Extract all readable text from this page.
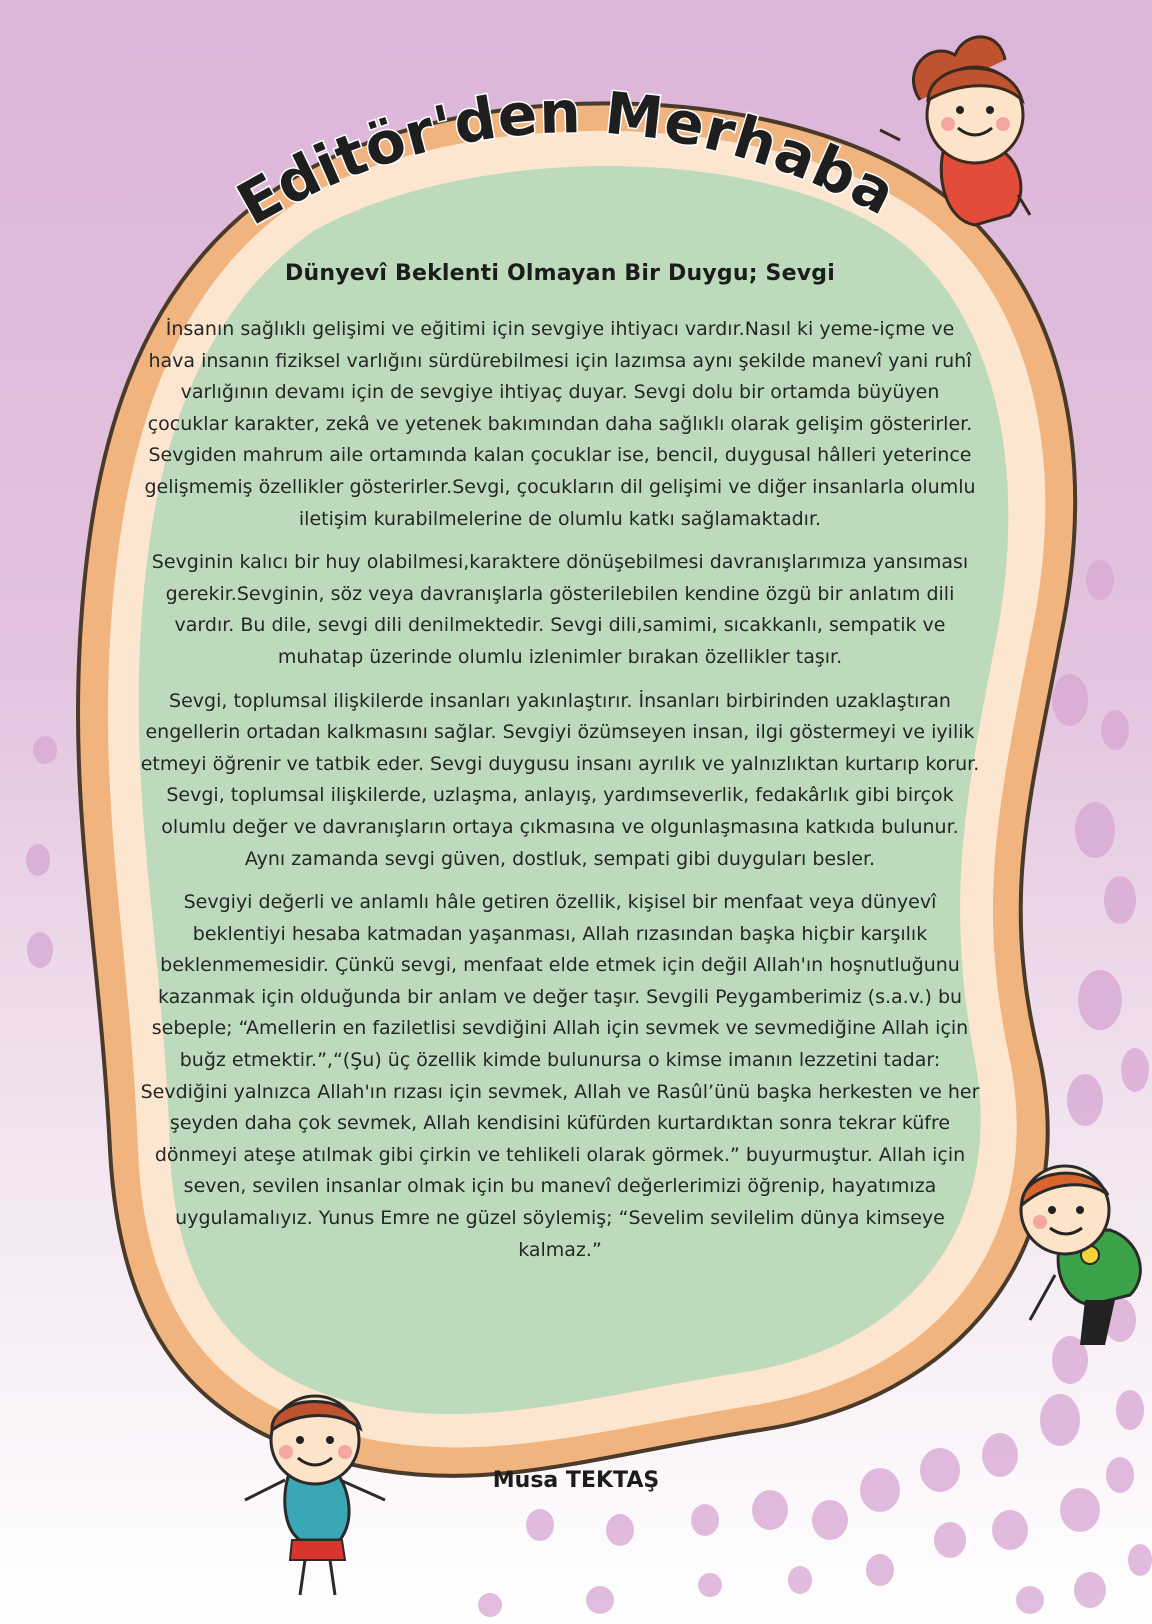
Editör'den Merhaba
Dünyevî Beklenti Olmayan Bir Duygu; Sevgi

İnsanın sağlıklı gelişimi ve eğitimi için sevgiye ihtiyacı vardır.Nasıl ki yeme-içme ve hava insanın fiziksel varlığını sürdürebilmesi için lazımsa aynı şekilde manevî yani ruhî varlığının devamı için de sevgiye ihtiyaç duyar. Sevgi dolu bir ortamda büyüyen çocuklar karakter, zekâ ve yetenek bakımından daha sağlıklı olarak gelişim gösterirler. Sevgiden mahrum aile ortamında kalan çocuklar ise, bencil, duygusal hâlleri yeterince gelişmemiş özellikler gösterirler.Sevgi, çocukların dil gelişimi ve diğer insanlarla olumlu iletişim kurabilmelerine de olumlu katkı sağlamaktadır.

Sevginin kalıcı bir huy olabilmesi,karaktere dönüşebilmesi davranışlarımıza yansıması gerekir.Sevginin, söz veya davranışlarla gösterilebilen kendine özgü bir anlatım dili vardır. Bu dile, sevgi dili denilmektedir. Sevgi dili,samimi, sıcakkanlı, sempatik ve muhatap üzerinde olumlu izlenimler bırakan özellikler taşır.

Sevgi, toplumsal ilişkilerde insanları yakınlaştırır. İnsanları birbirinden uzaklaştıran engellerin ortadan kalkmasını sağlar. Sevgiyi özümseyen insan, ilgi göstermeyi ve iyilik etmeyi öğrenir ve tatbik eder. Sevgi duygusu insanı ayrılık ve yalnızlıktan kurtarıp korur. Sevgi, toplumsal ilişkilerde, uzlaşma, anlayış, yardımseverlik, fedakârlık gibi birçok olumlu değer ve davranışların ortaya çıkmasına ve olgunlaşmasına katkıda bulunur. Aynı zamanda sevgi güven, dostluk, sempati gibi duyguları besler.

Sevgiyi değerli ve anlamlı hâle getiren özellik, kişisel bir menfaat veya dünyevî beklentiyi hesaba katmadan yaşanması, Allah rızasından başka hiçbir karşılık beklenmemesidir. Çünkü sevgi, menfaat elde etmek için değil Allah'ın hoşnutluğunu kazanmak için olduğunda bir anlam ve değer taşır. Sevgili Peygamberimiz (s.a.v.) bu sebeple; “Amellerin en faziletlisi sevdiğini Allah için sevmek ve sevmediğine Allah için buğz etmektir.”,“(Şu) üç özellik kimde bulunursa o kimse imanın lezzetini tadar: Sevdiğini yalnızca Allah'ın rızası için sevmek, Allah ve Rasûl’ünü başka herkesten ve her şeyden daha çok sevmek, Allah kendisini küfürden kurtardıktan sonra tekrar küfre dönmeyi ateşe atılmak gibi çirkin ve tehlikeli olarak görmek.” buyurmuştur. Allah için seven, sevilen insanlar olmak için bu manevî değerlerimizi öğrenip, hayatımıza uygulamalıyız. Yunus Emre ne güzel söylemiş; “Sevelim sevilelim dünya kimseye kalmaz.”

Musa TEKTAŞ
